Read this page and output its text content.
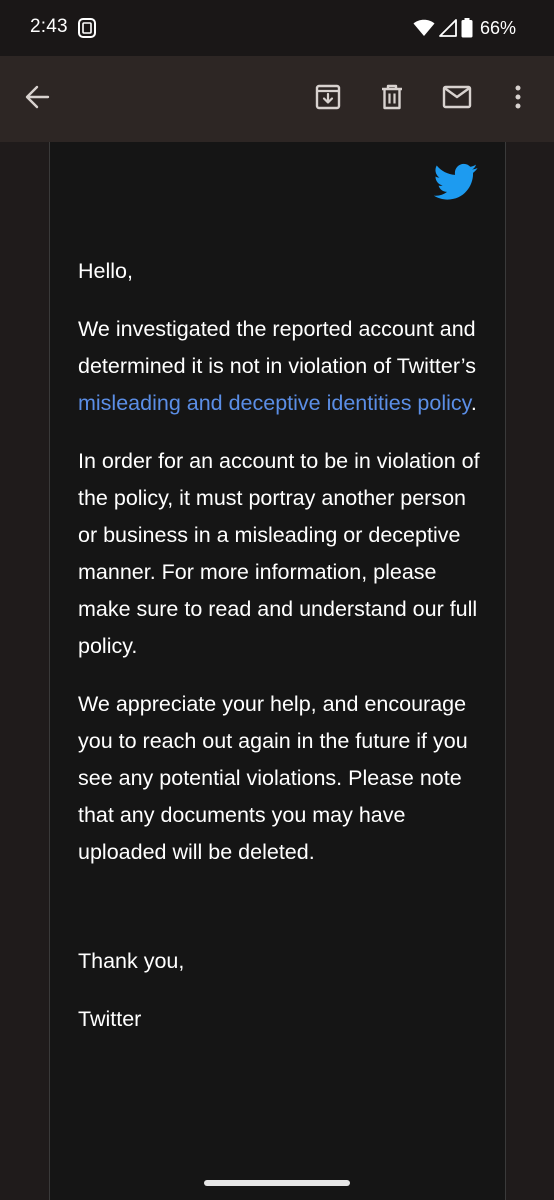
2:43	66%

Hello,

We investigated the reported account and determined it is not in violation of Twitter’s misleading and deceptive identities policy.

In order for an account to be in violation of the policy, it must portray another person or business in a misleading or deceptive manner. For more information, please make sure to read and understand our full policy.

We appreciate your help, and encourage you to reach out again in the future if you see any potential violations. Please note that any documents you may have uploaded will be deleted.

Thank you,

Twitter
